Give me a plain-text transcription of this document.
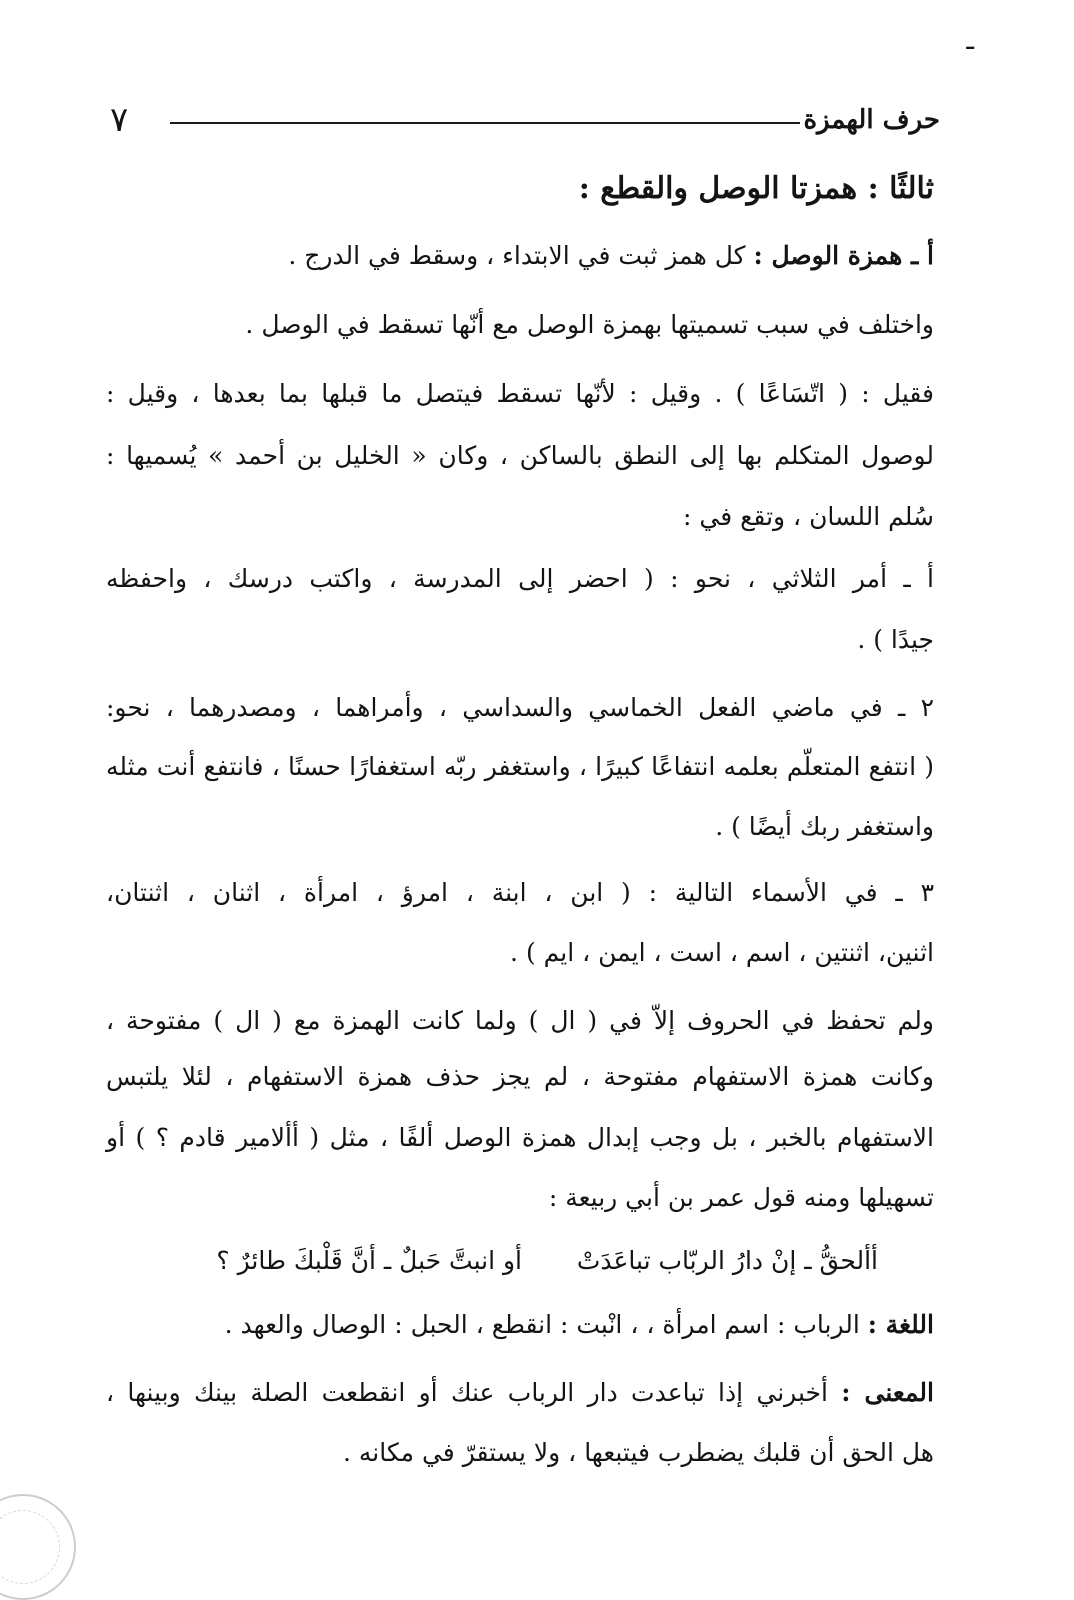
ـ
٧	حرف الهمزة
ثالثًا : همزتا الوصل والقطع :
أ ـ همزة الوصل : كل همز ثبت في الابتداء ، وسقط في الدرج .
واختلف في سبب تسميتها بهمزة الوصل مع أنّها تسقط في الوصل .
فقيل : ( اتّسَاعًا ) . وقيل : لأنّها تسقط فيتصل ما قبلها بما بعدها ، وقيل :
لوصول المتكلم بها إلى النطق بالساكن ، وكان « الخليل بن أحمد » يُسميها :
سُلم اللسان ، وتقع في :
أ ـ أمر الثلاثي ، نحو : ( احضر إلى المدرسة ، واكتب درسك ، واحفظه
جيدًا ) .
٢ ـ في ماضي الفعل الخماسي والسداسي ، وأمراهما ، ومصدرهما ، نحو:
( انتفع المتعلّم بعلمه انتفاعًا كبيرًا ، واستغفر ربّه استغفارًا حسنًا ، فانتفع أنت مثله
واستغفر ربك أيضًا ) .
٣ ـ في الأسماء التالية : ( ابن ، ابنة ، امرؤ ، امرأة ، اثنان ، اثنتان،
اثنين، اثنتين ، اسم ، است ، ايمن ، ايم ) .
ولم تحفظ في الحروف إلاّ في ( ال ) ولما كانت الهمزة مع ( ال ) مفتوحة ،
وكانت همزة الاستفهام مفتوحة ، لم يجز حذف همزة الاستفهام ، لئلا يلتبس
الاستفهام بالخبر ، بل وجب إبدال همزة الوصل ألفًا ، مثل ( أألامير قادم ؟ ) أو
تسهيلها ومنه قول عمر بن أبي ربيعة :
اللغة : الرباب : اسم امرأة ، ، انْبت : انقطع ، الحبل : الوصال والعهد .
المعنى : أخبرني إذا تباعدت دار الرباب عنك أو انقطعت الصلة بينك وبينها ،
هل الحق أن قلبك يضطرب فيتبعها ، ولا يستقرّ في مكانه .
أألحقُّ ـ إنْ دارُ الربّاب تباعَدَتْ
أو انبتَّ حَبلٌ ـ أنَّ قَلْبكَ طائرٌ ؟
